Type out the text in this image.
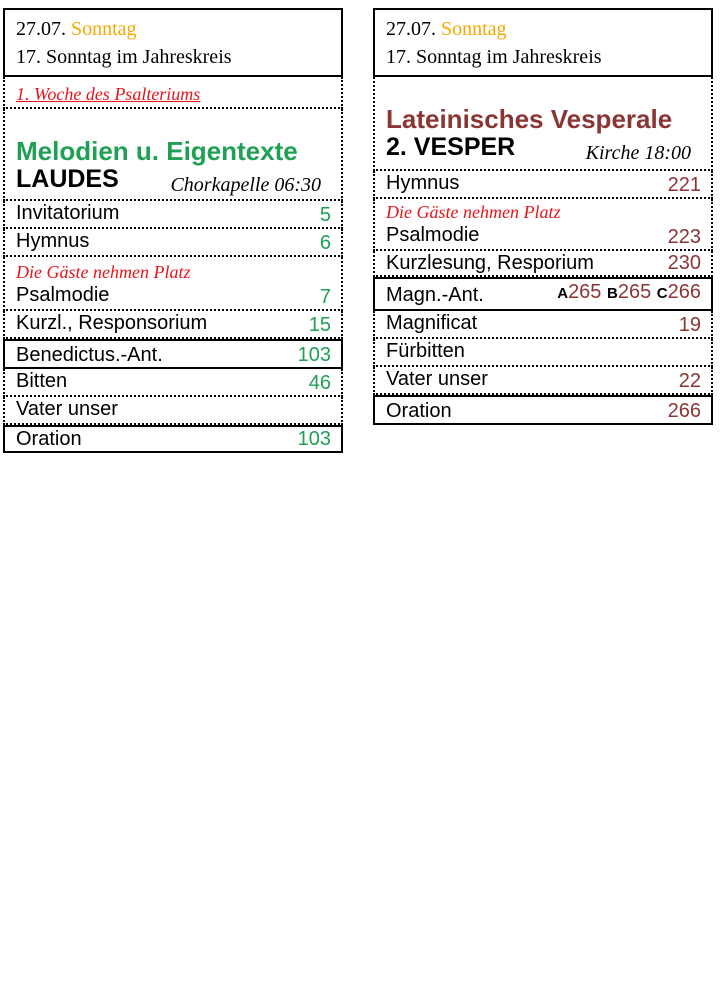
27.07. Sonntag
17. Sonntag im Jahreskreis
1. Woche des Psalteriums
Melodien u. Eigentexte
LAUDES	Chorkapelle 06:30
Invitatorium	5
Hymnus	6
Die Gäste nehmen Platz
Psalmodie	7
Kurzl., Responsorium	15
Benedictus.-Ant.	103
Bitten	46
Vater unser
Oration	103
27.07. Sonntag
17. Sonntag im Jahreskreis
Lateinisches Vesperale
2. VESPER	Kirche 18:00
Hymnus	221
Die Gäste nehmen Platz
Psalmodie	223
Kurzlesung, Resporium	230
Magn.-Ant.	A265 B265 C266
Magnificat	19
Fürbitten
Vater unser	22
Oration	266
